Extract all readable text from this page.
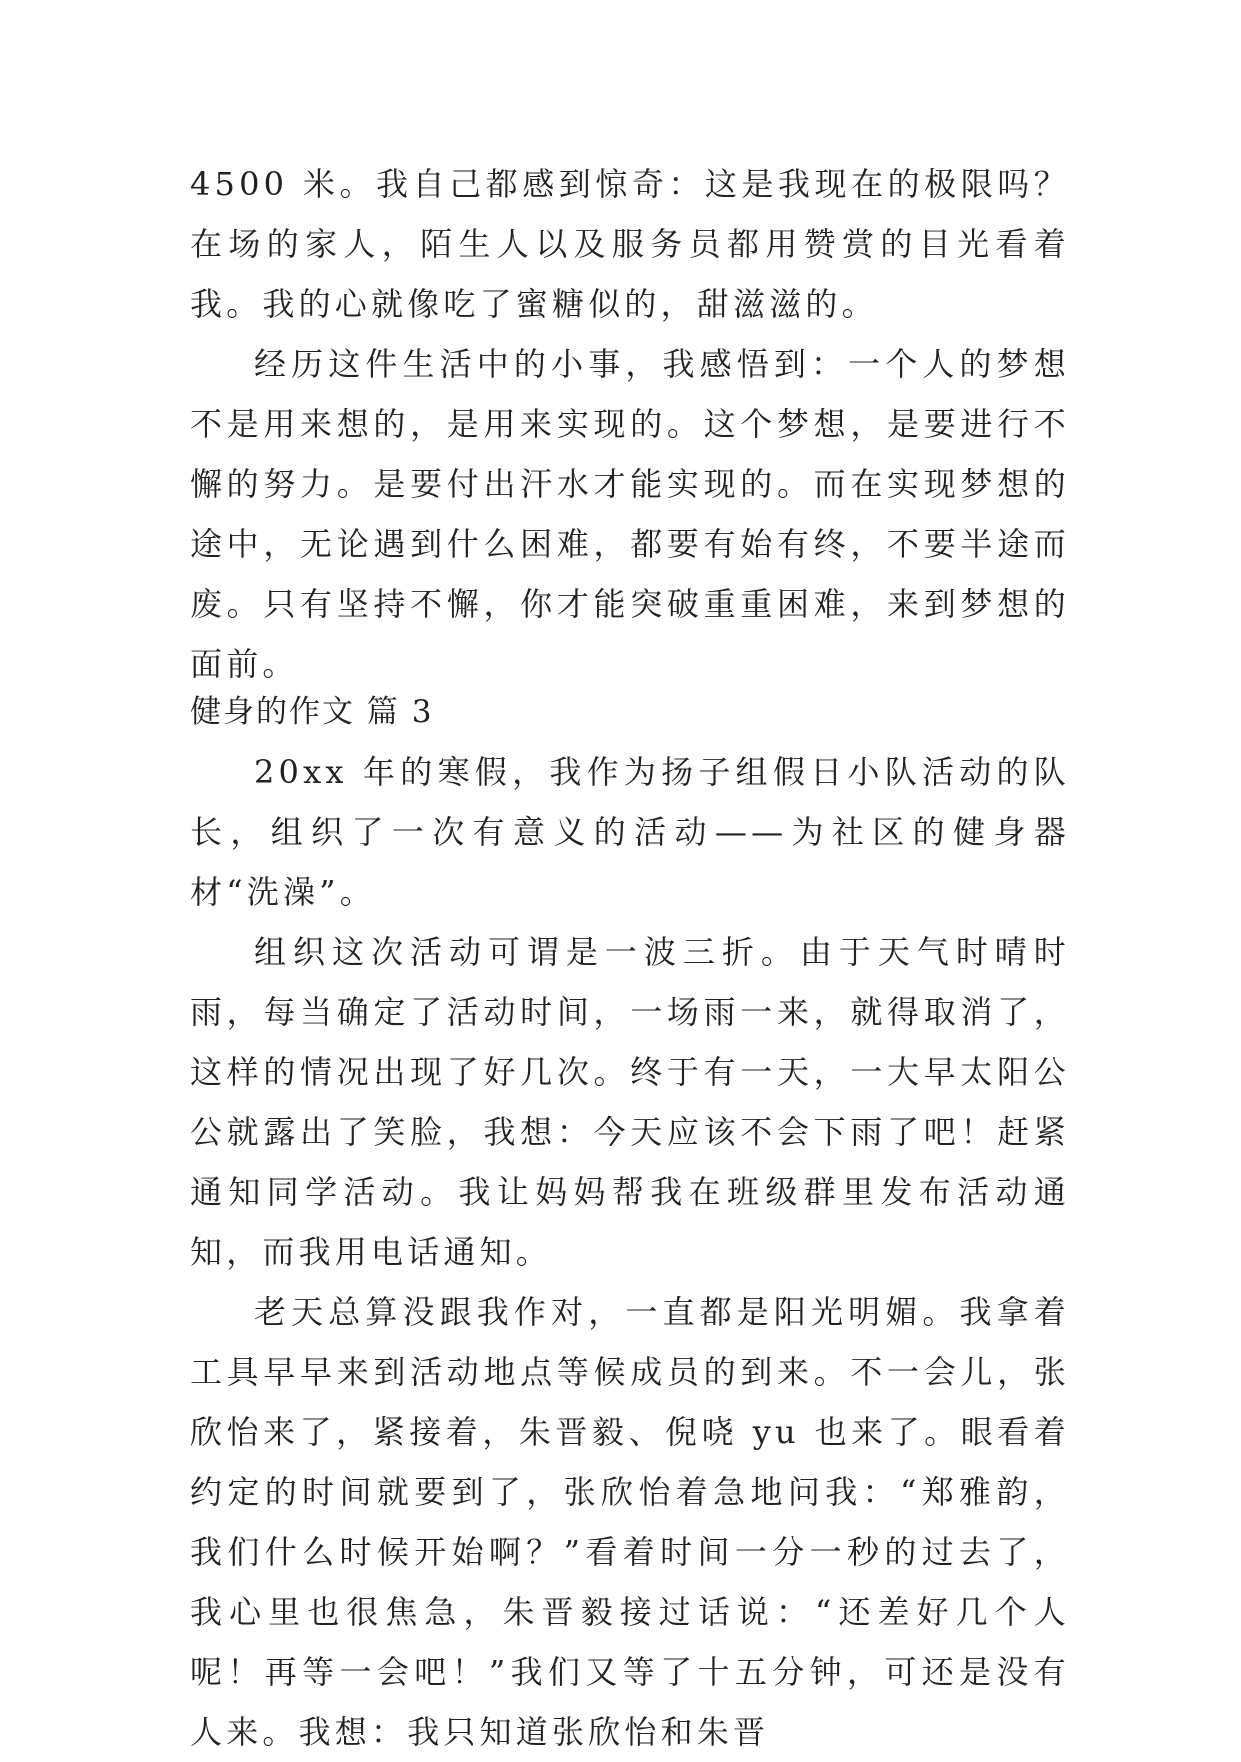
4500 米。我自己都感到惊奇：这是我现在的极限吗？在场的家人，陌生人以及服务员都用赞赏的目光看着我。我的心就像吃了蜜糖似的，甜滋滋的。

经历这件生活中的小事，我感悟到：一个人的梦想不是用来想的，是用来实现的。这个梦想，是要进行不懈的努力。是要付出汗水才能实现的。而在实现梦想的途中，无论遇到什么困难，都要有始有终，不要半途而废。只有坚持不懈，你才能突破重重困难，来到梦想的面前。

健身的作文 篇 3

20xx 年的寒假，我作为扬子组假日小队活动的队长，组织了一次有意义的活动——为社区的健身器材“洗澡”。

组织这次活动可谓是一波三折。由于天气时晴时雨，每当确定了活动时间，一场雨一来，就得取消了，这样的情况出现了好几次。终于有一天，一大早太阳公公就露出了笑脸，我想：今天应该不会下雨了吧！赶紧通知同学活动。我让妈妈帮我在班级群里发布活动通知，而我用电话通知。

老天总算没跟我作对，一直都是阳光明媚。我拿着工具早早来到活动地点等候成员的到来。不一会儿，张欣怡来了，紧接着，朱晋毅、倪哓 yu 也来了。眼看着约定的时间就要到了，张欣怡着急地问我：“郑雅韵，我们什么时候开始啊？”看着时间一分一秒的过去了，我心里也很焦急，朱晋毅接过话说：“还差好几个人呢！再等一会吧！”我们又等了十五分钟，可还是没有人来。我想：我只知道张欣怡和朱晋
